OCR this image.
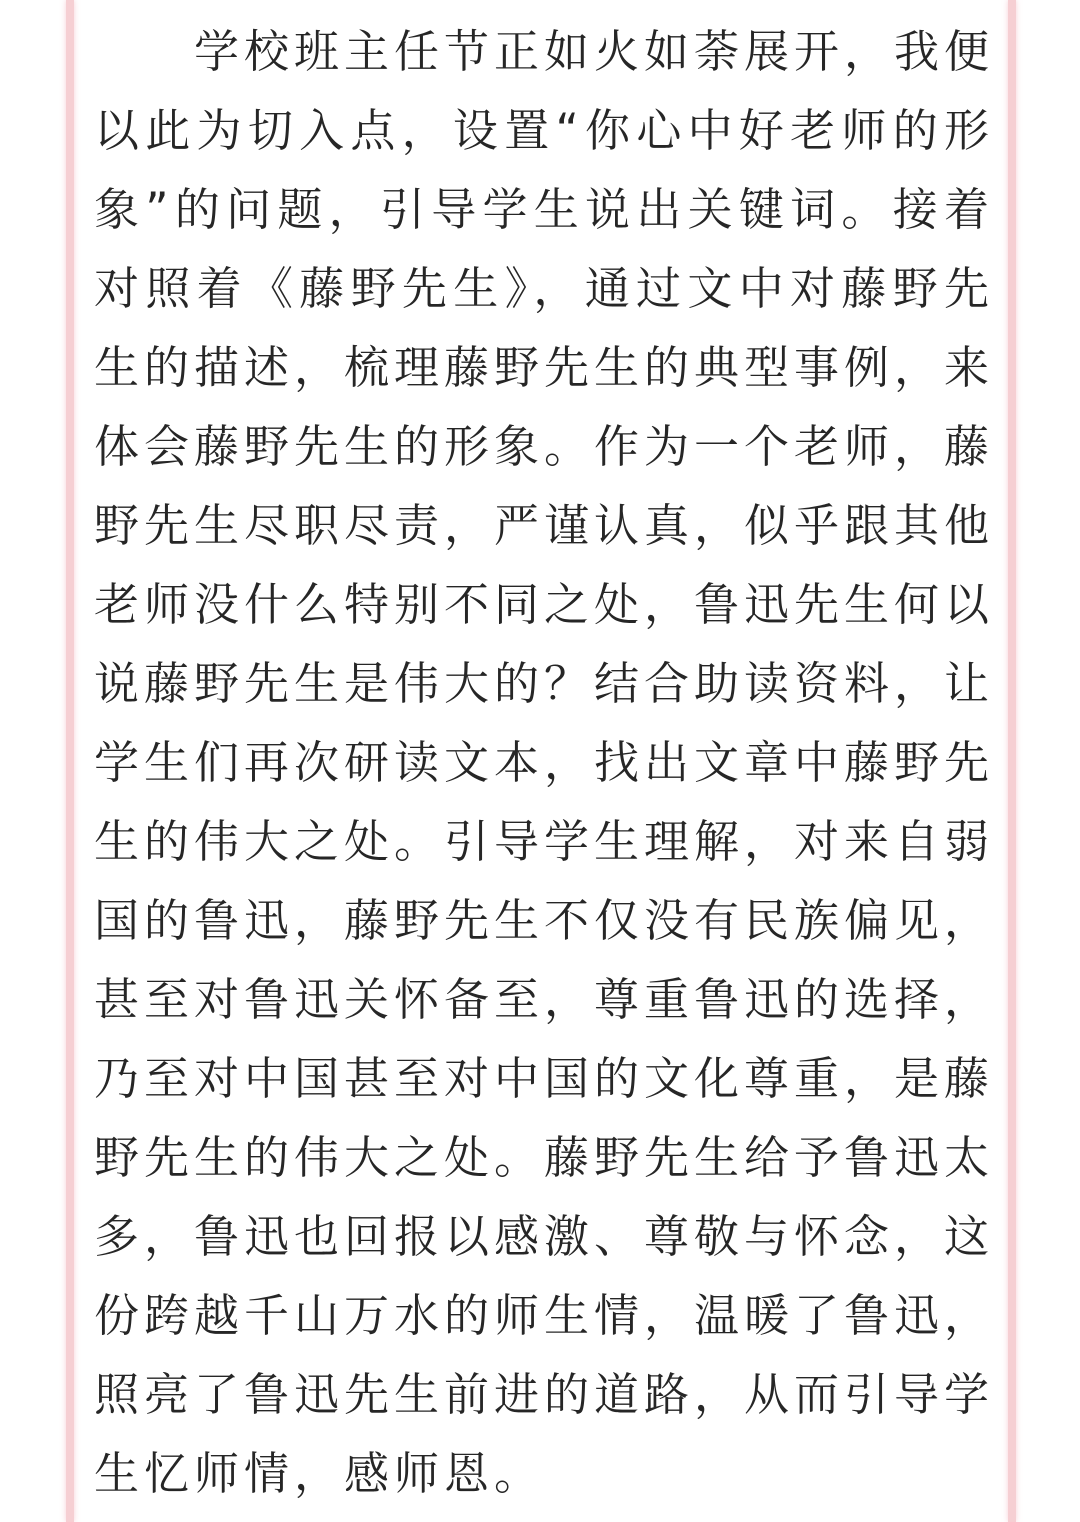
学校班主任节正如火如荼展开，我便
以此为切入点，设置“你心中好老师的形
象”的问题，引导学生说出关键词。接着
对照着《藤野先生》，通过文中对藤野先
生的描述，梳理藤野先生的典型事例，来
体会藤野先生的形象。作为一个老师，藤
野先生尽职尽责，严谨认真，似乎跟其他
老师没什么特别不同之处，鲁迅先生何以
说藤野先生是伟大的？结合助读资料，让
学生们再次研读文本，找出文章中藤野先
生的伟大之处。引导学生理解，对来自弱
国的鲁迅，藤野先生不仅没有民族偏见，
甚至对鲁迅关怀备至，尊重鲁迅的选择，
乃至对中国甚至对中国的文化尊重，是藤
野先生的伟大之处。藤野先生给予鲁迅太
多，鲁迅也回报以感激、尊敬与怀念，这
份跨越千山万水的师生情，温暖了鲁迅，
照亮了鲁迅先生前进的道路，从而引导学
生忆师情，感师恩。
